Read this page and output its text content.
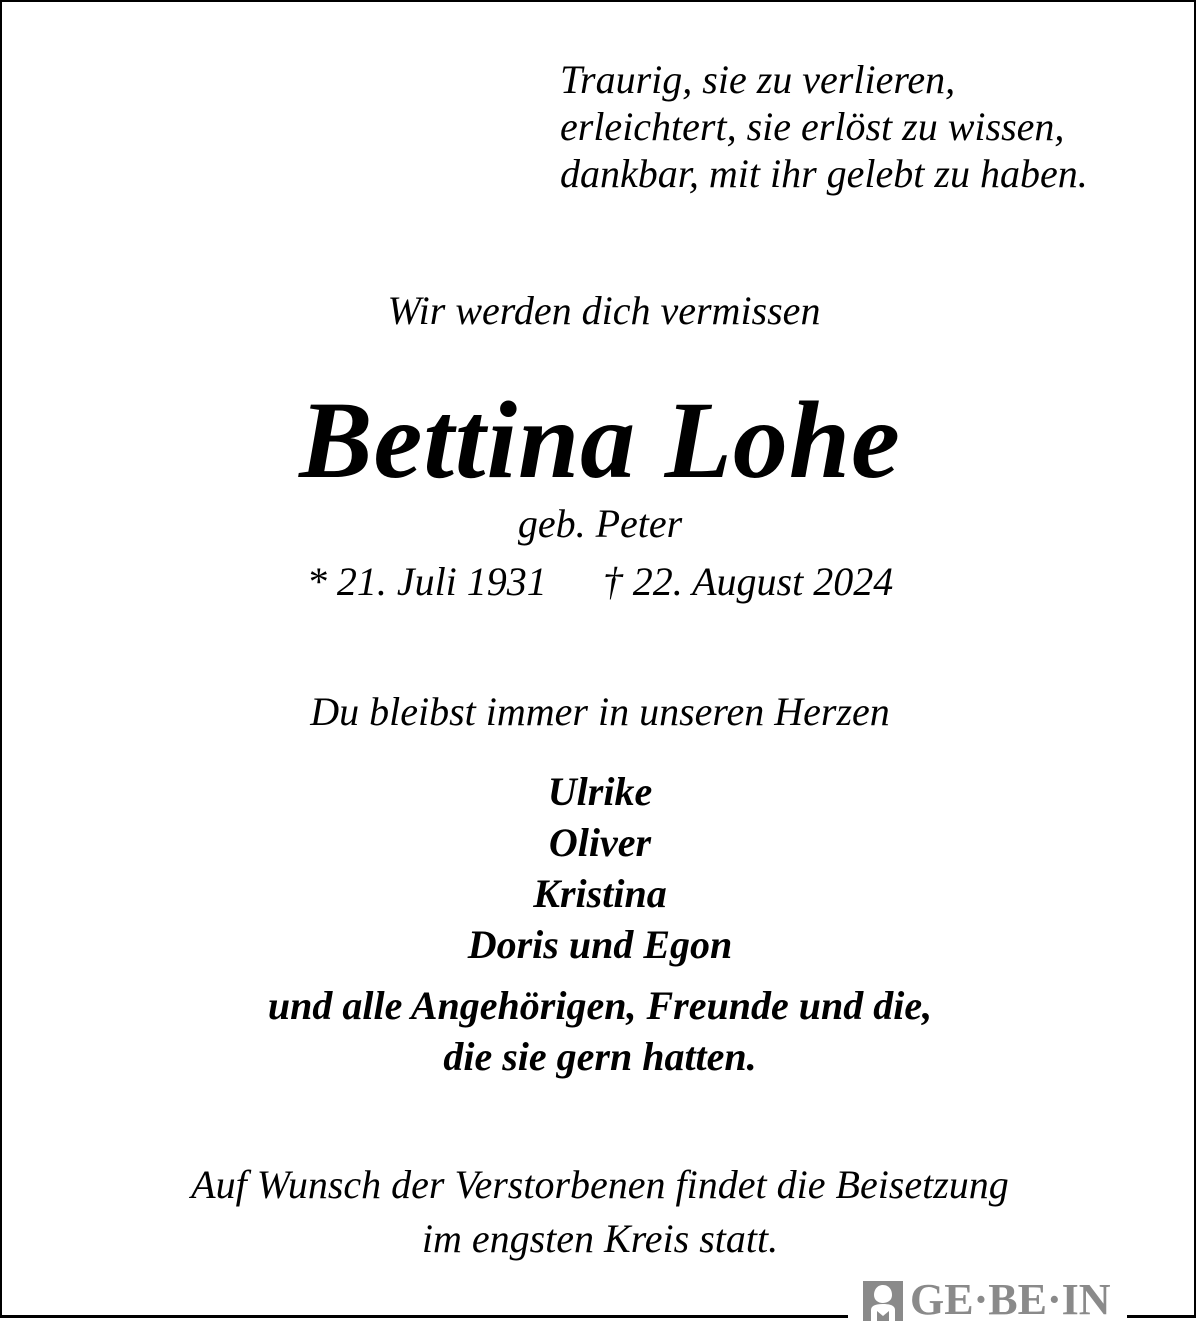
Traurig, sie zu verlieren,
erleichtert, sie erlöst zu wissen,
dankbar, mit ihr gelebt zu haben.
Wir werden dich vermissen
Bettina Lohe
geb. Peter
* 21. Juli 1931 † 22. August 2024
Du bleibst immer in unseren Herzen
Ulrike
Oliver
Kristina
Doris und Egon
und alle Angehörigen, Freunde und die,
die sie gern hatten.
Auf Wunsch der Verstorbenen findet die Beisetzung
im engsten Kreis statt.
GE·BE·IN
